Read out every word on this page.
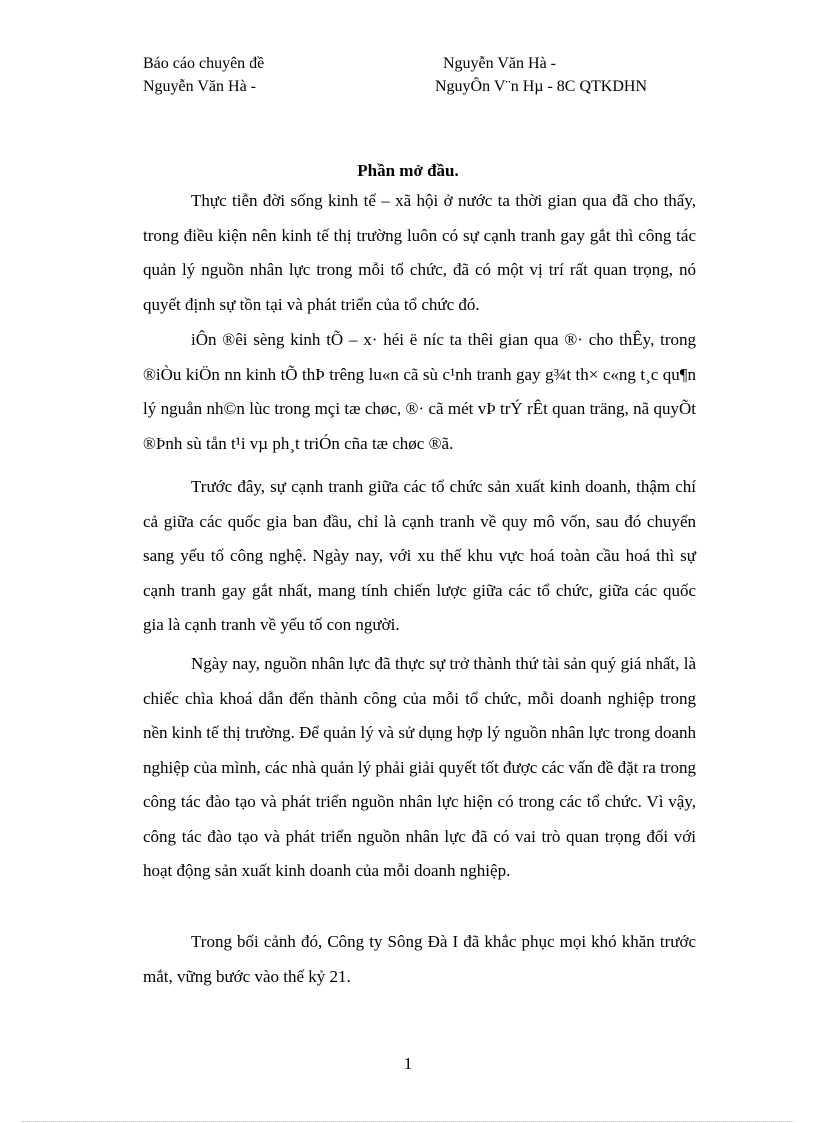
Báo cáo chuyên đề
Nguyễn Văn Hà -
Nguyễn Văn Hà -
NguyÔn V¨n Hµ - 8C QTKDHN
Phần mở đầu.

Thực tiễn đời sống kinh tế – xã hội ở nước ta thời gian qua đã cho thấy, trong điều kiện nên kinh tế thị trường luôn có sự cạnh tranh gay gắt thì công tác quản lý nguồn nhân lực trong mỗi tổ chức, đã có một vị trí rất quan trọng, nó quyết định sự tồn tại và phát triển của tổ chức đó.

iÔn ®êi sèng kinh tÕ – x· héi ë níc ta thêi gian qua ®· cho thÊy, trong ®iÒu kiÖn nn kinh tÕ thÞ trêng lu«n cã sù c¹nh tranh gay g¾t th× c«ng t¸c qu¶n lý nguån nh©n lùc trong mçi tæ chøc, ®· cã mét vÞ trÝ rÊt quan träng, nã quyÕt ®Þnh sù tån t¹i vµ ph¸t triÓn cña tæ chøc ®ã.

Trước đây, sự cạnh tranh giữa các tổ chức sản xuất kinh doanh, thậm chí cả giữa các quốc gia ban đầu, chỉ là cạnh tranh về quy mô vốn, sau đó chuyển sang yếu tố công nghệ. Ngày nay, với xu thế khu vực hoá toàn cầu hoá thì sự cạnh tranh gay gắt nhất, mang tính chiến lược giữa các tổ chức, giữa các quốc gia là cạnh tranh về yếu tố con người.

Ngày nay, nguồn nhân lực đã thực sự trở thành thứ tài sản quý giá nhất, là chiếc chìa khoá dẫn đến thành công của mỗi tổ chức, mỗi doanh nghiệp trong nền kinh tế thị trường. Để quản lý và sử dụng hợp lý nguồn nhân lực trong doanh nghiệp của mình, các nhà quản lý phải giải quyết tốt được các vấn đề đặt ra trong công tác đào tạo và phát triển nguồn nhân lực hiện có trong các tổ chức. Vì vậy, công tác đào tạo và phát triển nguồn nhân lực đã có vai trò quan trọng đối với hoạt động sản xuất kinh doanh của mỗi doanh nghiệp.

Trong bối cảnh đó, Công ty Sông Đà I đã khắc phục mọi khó khăn trước mắt, vững bước vào thế kỷ 21.

1
